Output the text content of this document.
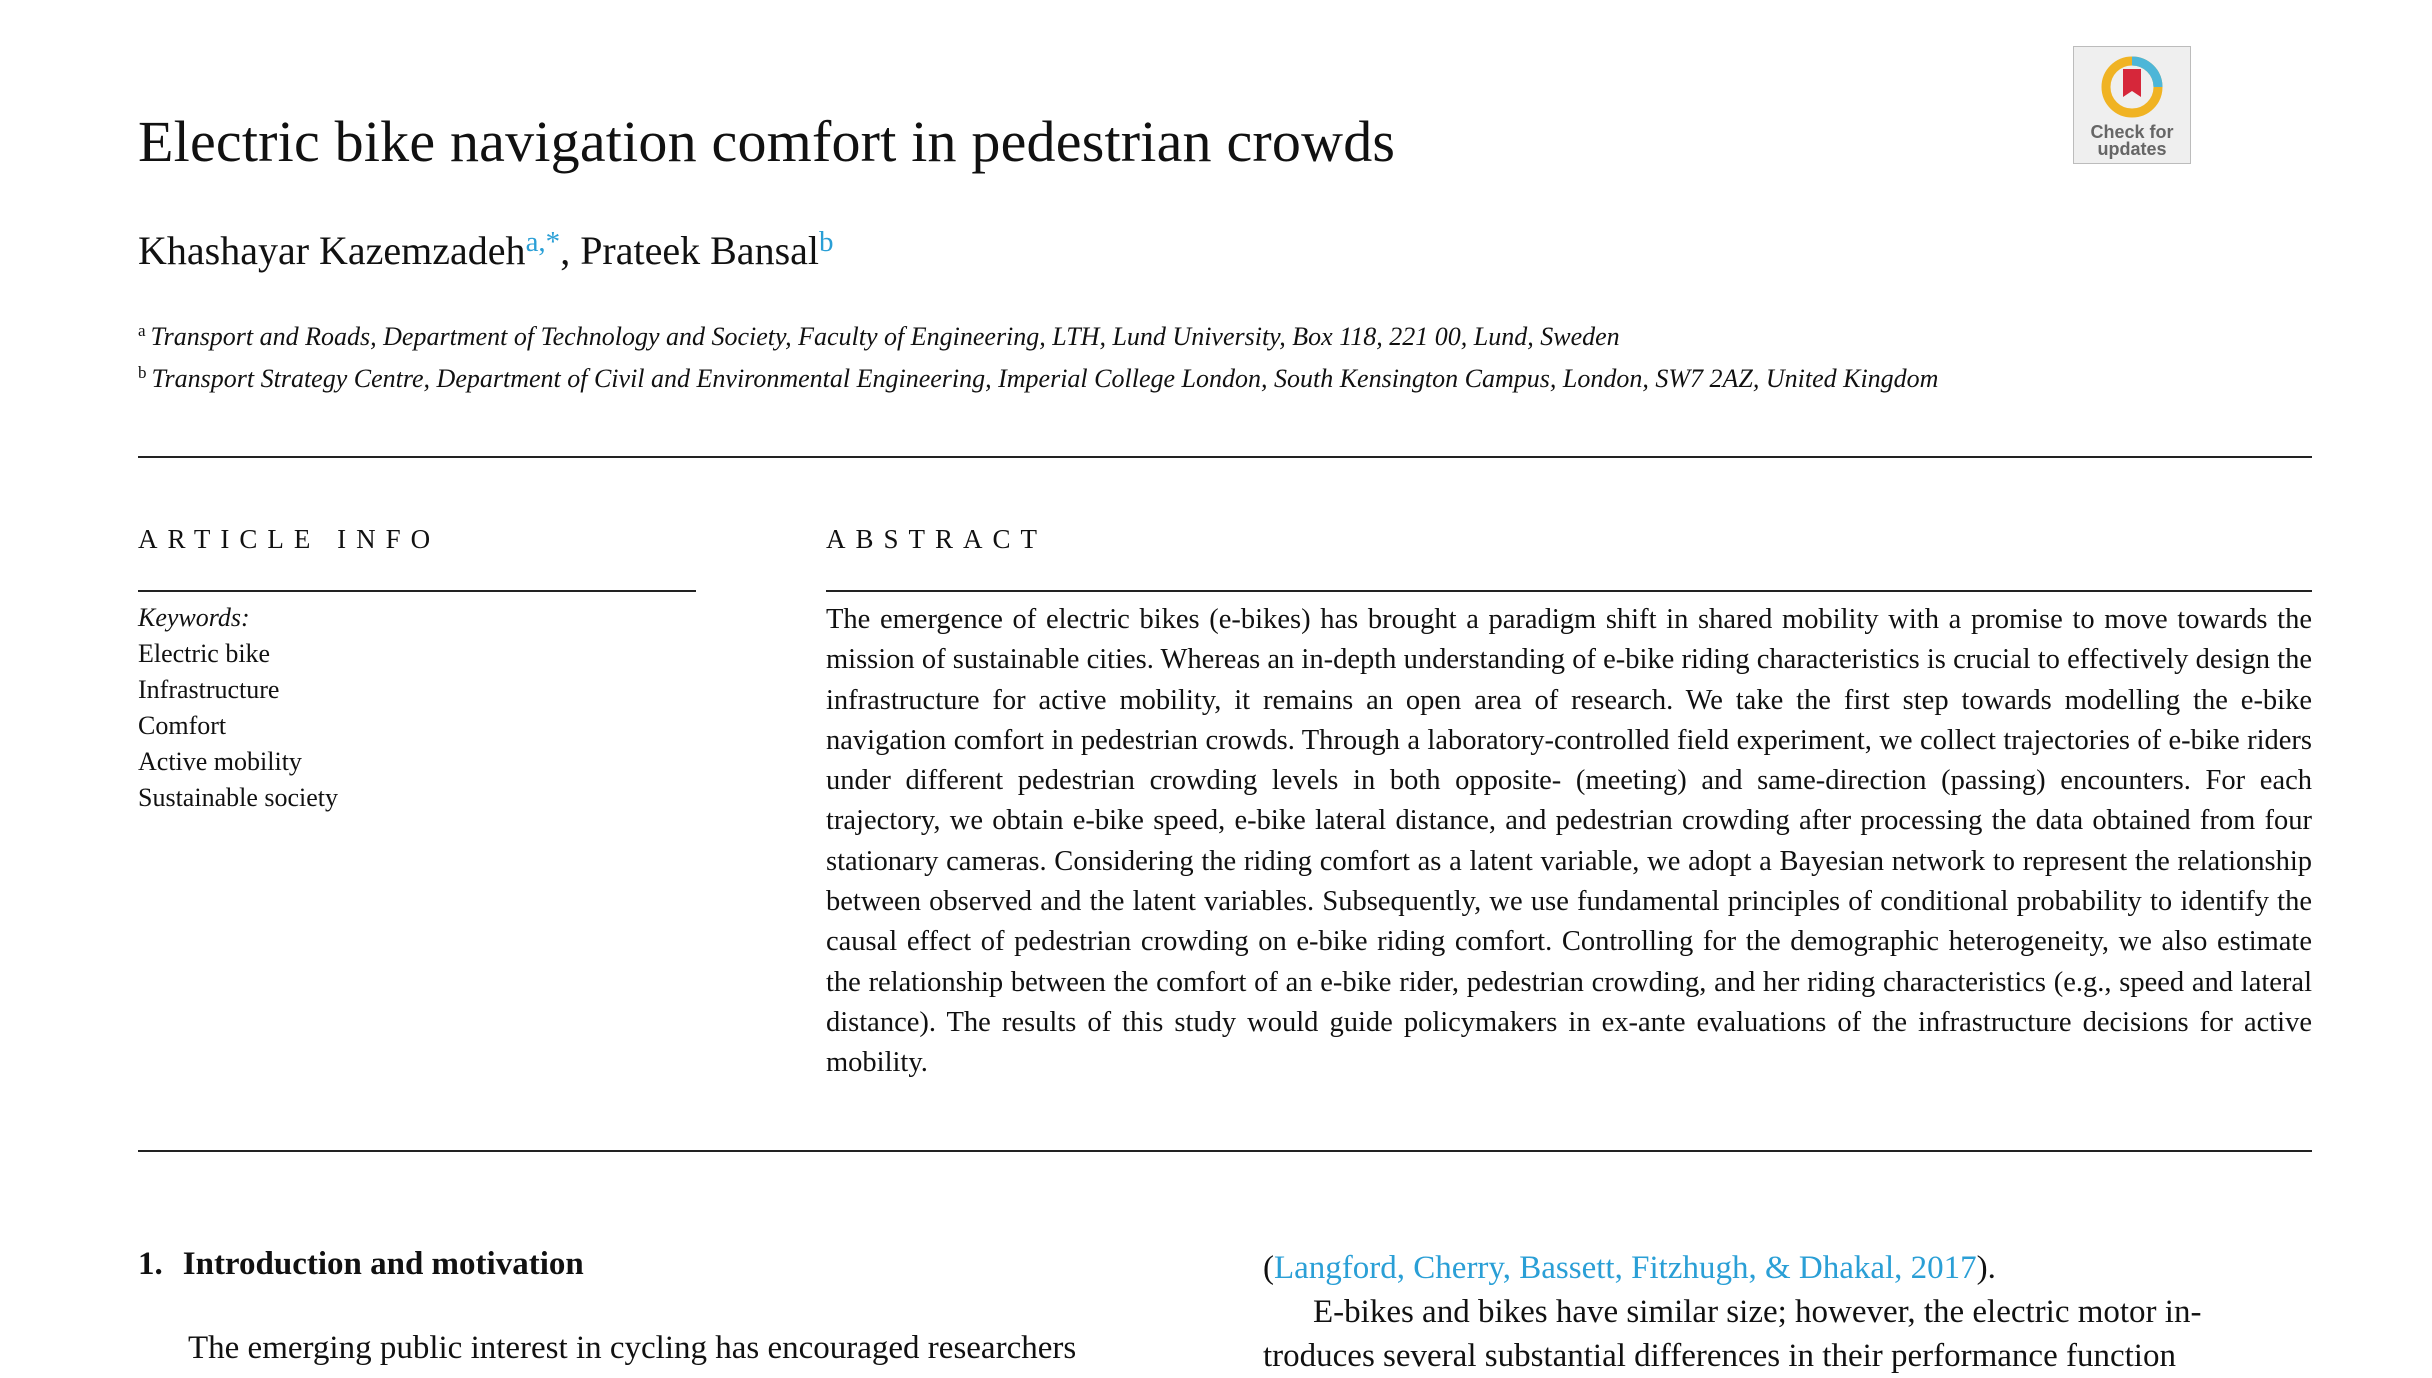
Electric bike navigation comfort in pedestrian crowds	Check for
updates
Khashayar Kazemzadeh$^{a,*}$, Prateek Bansal$^b$
$^a$ Transport and Roads, Department of Technology and Society, Faculty of Engineering, LTH, Lund University, Box 118, 221 00, Lund, Sweden
$^b$ Transport Strategy Centre, Department of Civil and Environmental Engineering, Imperial College London, South Kensington Campus, London, SW7 2AZ, United Kingdom
ARTICLE INFO	ABSTRACT
Keywords:
Electric bike
Infrastructure
Comfort
Active mobility
Sustainable society
The emergence of electric bikes (e-bikes) has brought a paradigm shift in shared mobility with a promise to move towards the mission of sustainable cities. Whereas an in-depth understanding of e-bike riding characteristics is crucial to effectively design the infrastructure for active mobility, it remains an open area of research. We take the first step towards modelling the e-bike navigation comfort in pedestrian crowds. Through a laboratory-controlled field experiment, we collect trajectories of e-bike riders under different pedestrian crowding levels in both opposite- (meeting) and same-direction (passing) encounters. For each trajectory, we obtain e-bike speed, e-bike lateral distance, and pedestrian crowding after processing the data obtained from four stationary cameras. Considering the riding comfort as a latent variable, we adopt a Bayesian network to represent the relationship between observed and the latent variables. Subsequently, we use fundamental principles of conditional probability to identify the causal effect of pedestrian crowding on e-bike riding comfort. Controlling for the demographic heterogeneity, we also estimate the relationship between the comfort of an e-bike rider, pedestrian crowding, and her riding characteristics (e.g., speed and lateral distance). The results of this study would guide policymakers in ex-ante evaluations of the infrastructure decisions for active mobility.
1. Introduction and motivation
The emerging public interest in cycling has encouraged researchers
(Langford, Cherry, Bassett, Fitzhugh, & Dhakal, 2017).
E-bikes and bikes have similar size; however, the electric motor in-
troduces several substantial differences in their performance function
